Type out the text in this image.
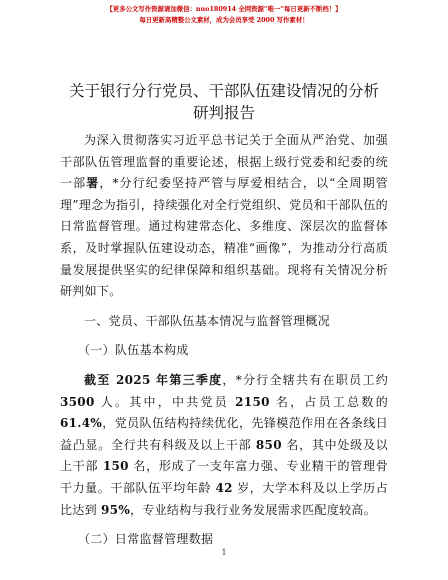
【更多公文写作资源请加微信：nuo180914 全网资源”唯一”每日更新不断档！】
每日更新高精整公文素材，成为会员享受 2000 写作素材！
关于银行分行党员、干部队伍建设情况的分析
研判报告

为深入贯彻落实习近平总书记关于全面从严治党、加强干部队伍管理监督的重要论述，根据上级行党委和纪委的统一部署，*分行纪委坚持严管与厚爱相结合，以“全周期管理”理念为指引，持续强化对全行党组织、党员和干部队伍的日常监督管理。通过构建常态化、多维度、深层次的监督体系，及时掌握队伍建设动态，精准“画像”，为推动分行高质量发展提供坚实的纪律保障和组织基础。现将有关情况分析研判如下。

一、党员、干部队伍基本情况与监督管理概况

（一）队伍基本构成

截至 2025 年第三季度，*分行全辖共有在职员工约 3500 人。其中，中共党员 2150 名，占员工总数的 61.4%，党员队伍结构持续优化，先锋模范作用在各条线日益凸显。全行共有科级及以上干部 850 名，其中处级及以上干部 150 名，形成了一支年富力强、专业精干的管理骨干力量。干部队伍平均年龄 42 岁，大学本科及以上学历占比达到 95%，专业结构与我行业务发展需求匹配度较高。

（二）日常监督管理数据

1
